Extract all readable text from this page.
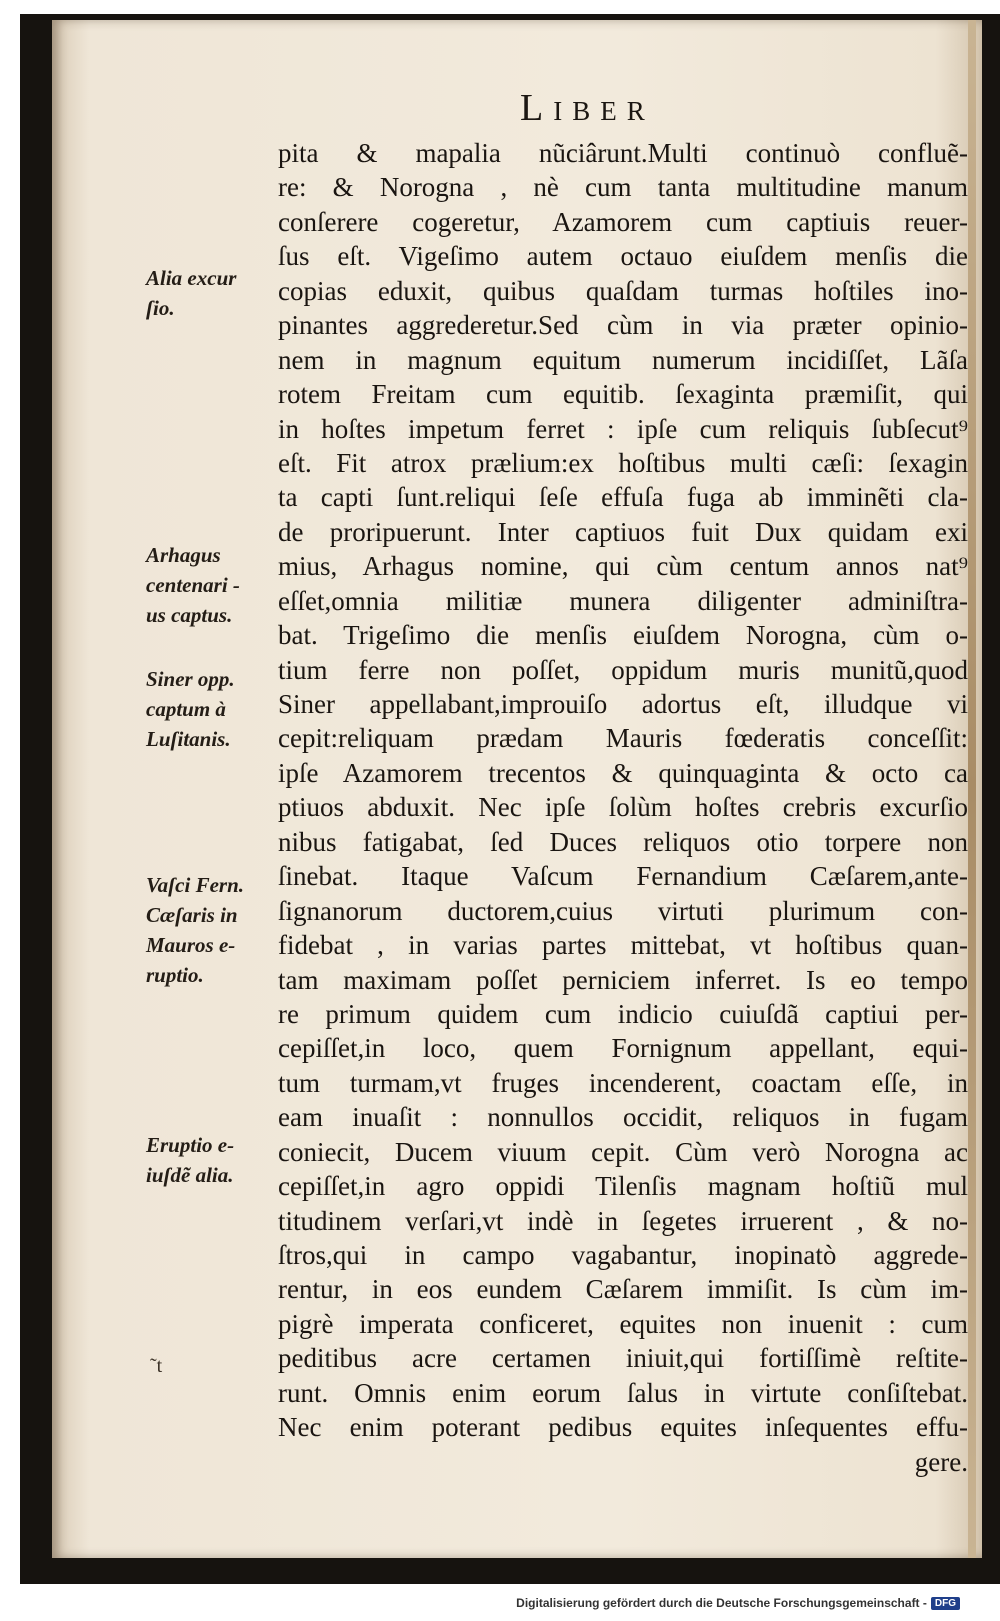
Liber
pita & mapalia nũciârunt.Multi continuò confluẽ-
re: & Norogna , nè cum tanta multitudine manum
conſerere cogeretur, Azamorem cum captiuis reuer-
ſus eſt. Vigeſimo autem octauo eiuſdem menſis die
copias eduxit, quibus quaſdam turmas hoſtiles ino-
pinantes aggrederetur.Sed cùm in via præter opinio-
nem in magnum equitum numerum incidiſſet, Lãſa
rotem Freitam cum equitib. ſexaginta præmiſit, qui
in hoſtes impetum ferret : ipſe cum reliquis ſubſecut⁹
eſt. Fit atrox prælium:ex hoſtibus multi cæſi: ſexagin
ta capti ſunt.reliqui ſeſe effuſa fuga ab imminẽti cla-
de proripuerunt. Inter captiuos fuit Dux quidam exi
mius, Arhagus nomine, qui cùm centum annos nat⁹
eſſet,omnia militiæ munera diligenter adminiſtra-
bat. Trigeſimo die menſis eiuſdem Norogna, cùm o-
tium ferre non poſſet, oppidum muris munitũ,quod
Siner appellabant,improuiſo adortus eſt, illudque vi
cepit:reliquam prædam Mauris fœderatis conceſſit:
ipſe Azamorem trecentos & quinquaginta & octo ca
ptiuos abduxit. Nec ipſe ſolùm hoſtes crebris excurſio
nibus fatigabat, ſed Duces reliquos otio torpere non
ſinebat. Itaque Vaſcum Fernandium Cæſarem,ante-
ſignanorum ductorem,cuius virtuti plurimum con-
fidebat , in varias partes mittebat, vt hoſtibus quan-
tam maximam poſſet perniciem inferret. Is eo tempo
re primum quidem cum indicio cuiuſdã captiui per-
cepiſſet,in loco, quem Fornignum appellant, equi-
tum turmam,vt fruges incenderent, coactam eſſe, in
eam inuaſit : nonnullos occidit, reliquos in fugam
coniecit, Ducem viuum cepit. Cùm verò Norogna ac
cepiſſet,in agro oppidi Tilenſis magnam hoſtiũ mul
titudinem verſari,vt indè in ſegetes irruerent , & no-
ſtros,qui in campo vagabantur, inopinatò aggrede-
rentur, in eos eundem Cæſarem immiſit. Is cùm im-
pigrè imperata conficeret, equites non inuenit : cum
peditibus acre certamen iniuit,qui fortiſſimè reſtite-
runt. Omnis enim eorum ſalus in virtute conſiſtebat.
Nec enim poterant pedibus equites inſequentes effu-
gere.
Alia excur
ſio.
Arhagus
centenari -
us captus.
Siner opp.
captum à
Luſitanis.
Vaſci Fern.
Cæſaris in
Mauros e-
ruptio.
Eruptio e-
iuſdẽ alia.
˜t
Digitalisierung gefördert durch die Deutsche Forschungsgemeinschaft - DFG
